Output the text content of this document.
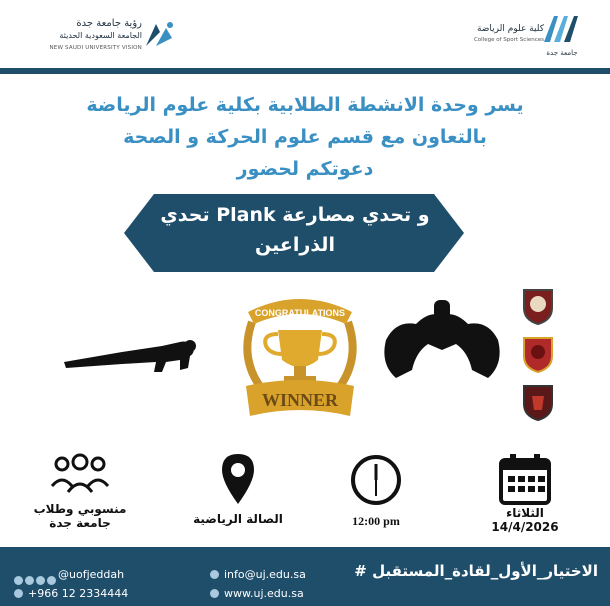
رؤية جامعة جدة
الجامعة السعودية الحديثة
NEW SAUDI UNIVERSITY VISION
كلية علوم الرياضة
College of Sport Sciences
جامعة جدة
يسر وحدة الانشطة الطلابية بكلية علوم الرياضة
بالتعاون مع قسم علوم الحركة و الصحة
دعوتكم لحضور
تحدي Plank و تحدي مصارعة
الذراعين
CONGRATULATIONS
WINNER
منسوبي وطلاب
جامعة جدة	الصالة الرياضية	12:00 pm
الثلاثاء
14/4/2026
@uofjeddah
+966 12 2334444
info@uj.edu.sa
www.uj.edu.sa
# الاختيار_الأول_لقادة_المستقبل
